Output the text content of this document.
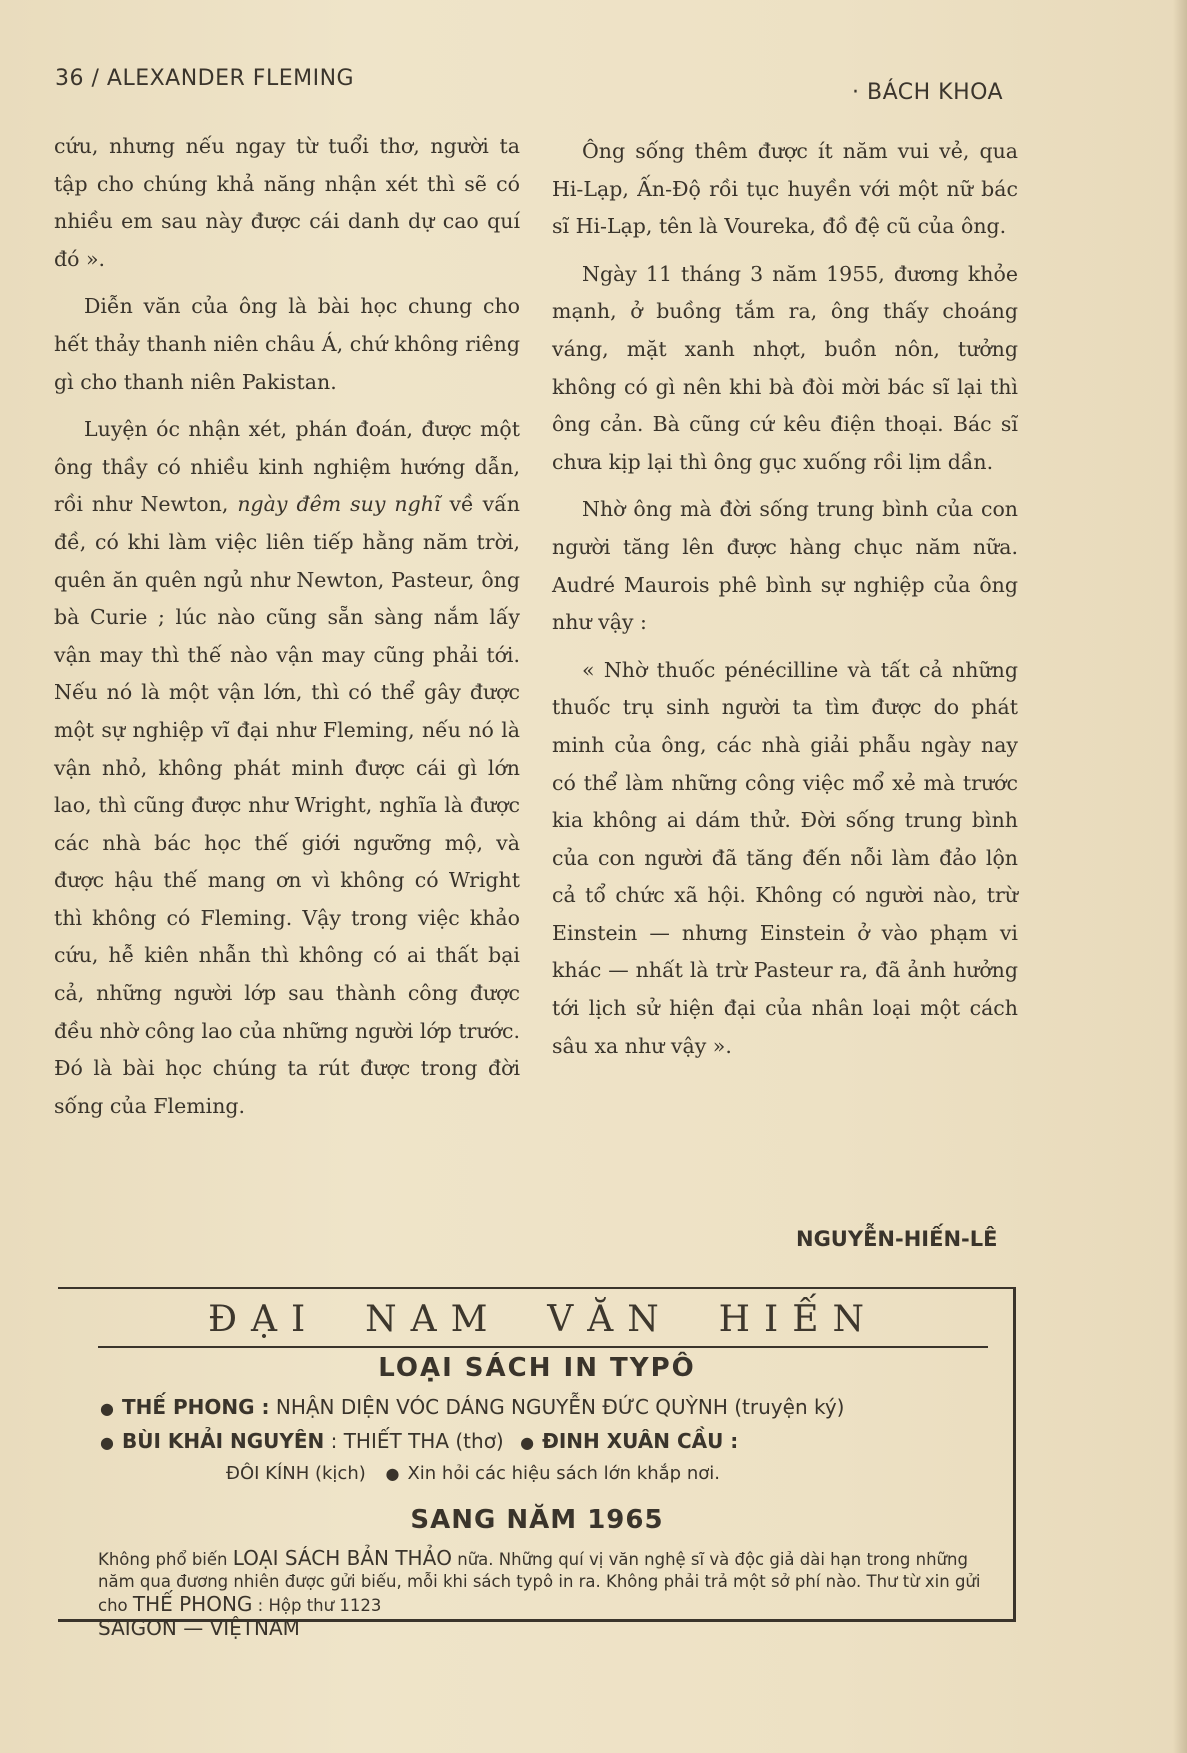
36 / ALEXANDER FLEMING
· BÁCH KHOA

cứu, nhưng nếu ngay từ tuổi thơ, người ta tập cho chúng khả năng nhận xét thì sẽ có nhiều em sau này được cái danh dự cao quí đó ».

Diễn văn của ông là bài học chung cho hết thảy thanh niên châu Á, chứ không riêng gì cho thanh niên Pakistan.

Luyện óc nhận xét, phán đoán, được một ông thầy có nhiều kinh nghiệm hướng dẫn, rồi như Newton, ngày đêm suy nghĩ về vấn đề, có khi làm việc liên tiếp hằng năm trời, quên ăn quên ngủ như Newton, Pasteur, ông bà Curie ; lúc nào cũng sẵn sàng nắm lấy vận may thì thế nào vận may cũng phải tới. Nếu nó là một vận lớn, thì có thể gây được một sự nghiệp vĩ đại như Fleming, nếu nó là vận nhỏ, không phát minh được cái gì lớn lao, thì cũng được như Wright, nghĩa là được các nhà bác học thế giới ngưỡng mộ, và được hậu thế mang ơn vì không có Wright thì không có Fleming. Vậy trong việc khảo cứu, hễ kiên nhẫn thì không có ai thất bại cả, những người lớp sau thành công được đều nhờ công lao của những người lớp trước. Đó là bài học chúng ta rút được trong đời sống của Fleming.

Ông sống thêm được ít năm vui vẻ, qua Hi-Lạp, Ấn-Độ rồi tục huyền với một nữ bác sĩ Hi-Lạp, tên là Voureka, đồ đệ cũ của ông.

Ngày 11 tháng 3 năm 1955, đương khỏe mạnh, ở buồng tắm ra, ông thấy choáng váng, mặt xanh nhợt, buồn nôn, tưởng không có gì nên khi bà đòi mời bác sĩ lại thì ông cản. Bà cũng cứ kêu điện thoại. Bác sĩ chưa kịp lại thì ông gục xuống rồi lịm dần.

Nhờ ông mà đời sống trung bình của con người tăng lên được hàng chục năm nữa. Audré Maurois phê bình sự nghiệp của ông như vậy :

« Nhờ thuốc pénécilline và tất cả những thuốc trụ sinh người ta tìm được do phát minh của ông, các nhà giải phẫu ngày nay có thể làm những công việc mổ xẻ mà trước kia không ai dám thử. Đời sống trung bình của con người đã tăng đến nỗi làm đảo lộn cả tổ chức xã hội. Không có người nào, trừ Einstein — nhưng Einstein ở vào phạm vi khác — nhất là trừ Pasteur ra, đã ảnh hưởng tới lịch sử hiện đại của nhân loại một cách sâu xa như vậy ».

NGUYỄN-HIẾN-LÊ
ĐẠI NAM VĂN HIẾN
LOẠI SÁCH IN TYPÔ
● THẾ PHONG : NHẬN DIỆN VÓC DÁNG NGUYỄN ĐỨC QUỲNH (truyện ký)
● BÙI KHẢI NGUYÊN : THIẾT THA (thơ) ● ĐINH XUÂN CẦU :
ĐÔI KÍNH (kịch) ● Xin hỏi các hiệu sách lớn khắp nơi.
SANG NĂM 1965
Không phổ biến LOẠI SÁCH BẢN THẢO nữa. Những quí vị văn nghệ sĩ và độc giả dài hạn trong những năm qua đương nhiên được gửi biếu, mỗi khi sách typô in ra. Không phải trả một sở phí nào. Thư từ xin gửi cho THẾ PHONG : Hộp thư 1123
SAIGON — VIỆTNAM
